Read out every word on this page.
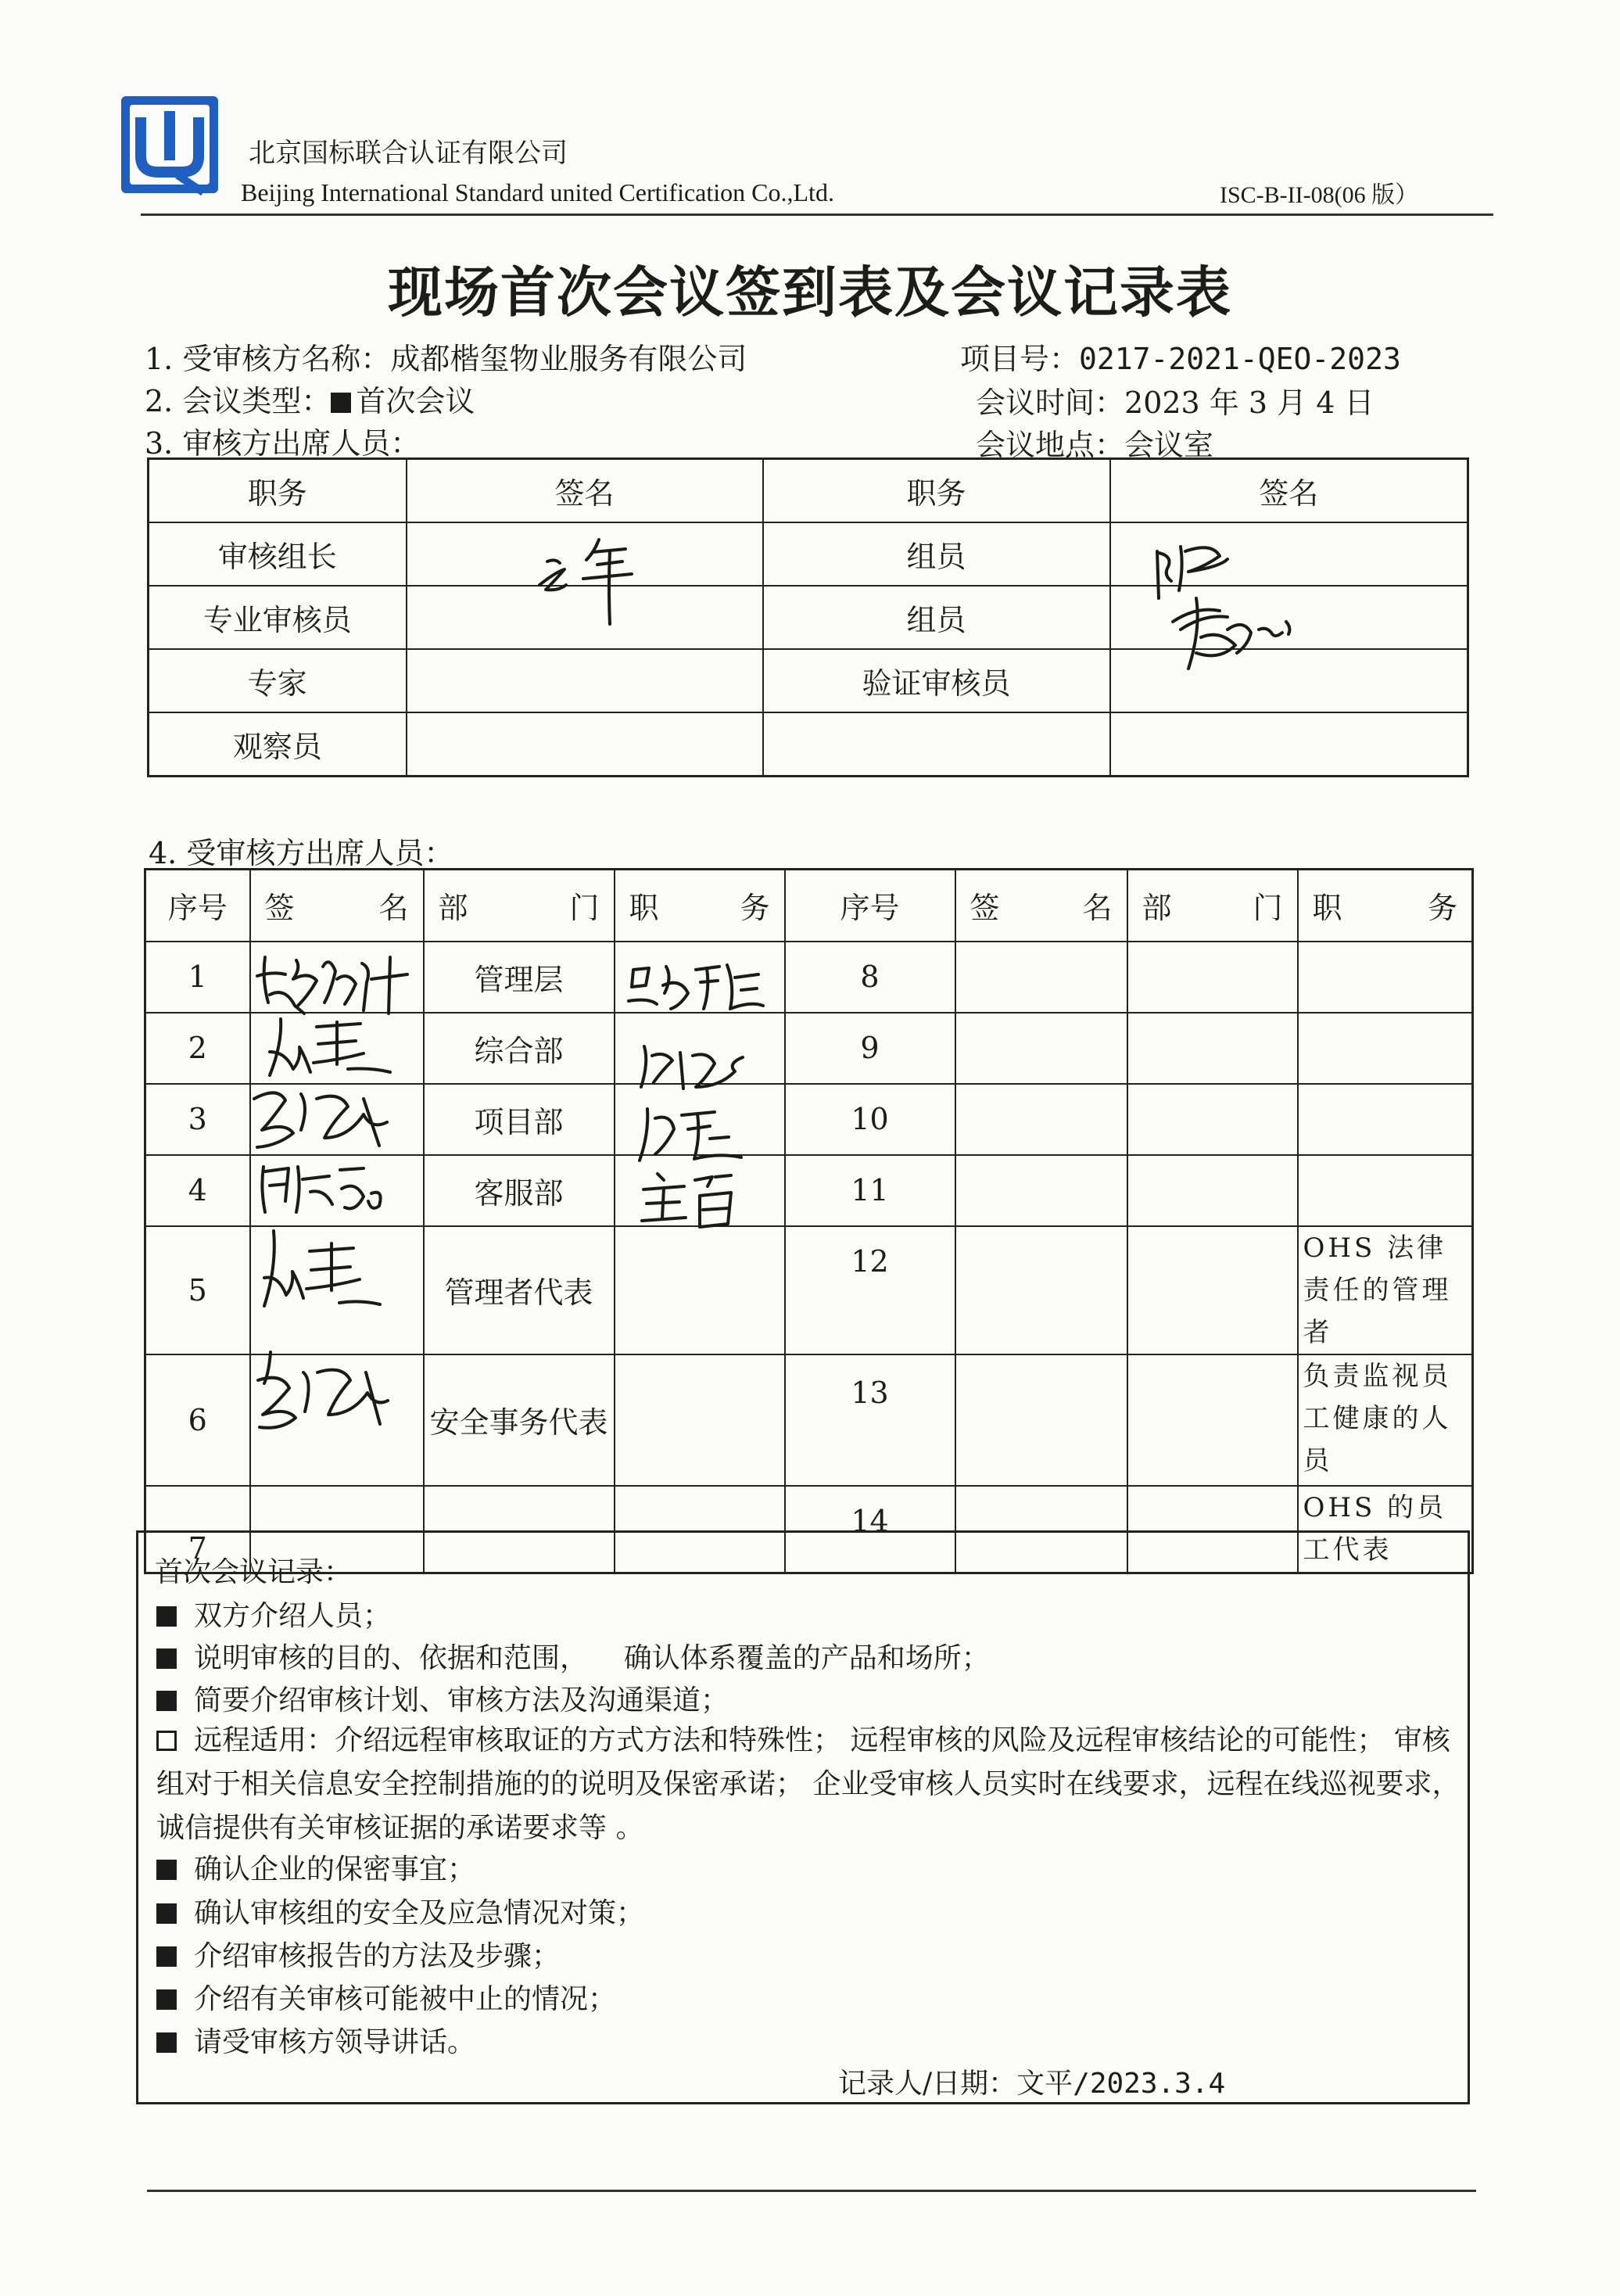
北京国标联合认证有限公司
Beijing International Standard united Certification Co.,Ltd.	ISC-B-II-08(06 版）
现场首次会议签到表及会议记录表
1. 受审核方名称：成都楷玺物业服务有限公司
2. 会议类型： 首次会议
3. 审核方出席人员：
项目号：0217-2021-QEO-2023
会议时间：2023 年 3 月 4 日
会议地点：会议室
职务	签名	职务	签名
审核组长		组员	
专业审核员		组员	
专家		验证审核员	
观察员			
4. 受审核方出席人员：
序号	签名	部门	职务	序号	签名	部门	职务
1		管理层		8			
2		综合部		9			
3		项目部		10			
4		客服部		11			
5		管理者代表		12			OHS 法律责任的管理者
6		安全事务代表		13			负责监视员工健康的人员
7				14			OHS 的员工代表
首次会议记录：
双方介绍人员；
说明审核的目的、依据和范围，    确认体系覆盖的产品和场所；
简要介绍审核计划、审核方法及沟通渠道；
远程适用：介绍远程审核取证的方式方法和特殊性； 远程审核的风险及远程审核结论的可能性； 审核组对于相关信息安全控制措施的的说明及保密承诺； 企业受审核人员实时在线要求，远程在线巡视要求，诚信提供有关审核证据的承诺要求等 。
确认企业的保密事宜；
确认审核组的安全及应急情况对策；
介绍审核报告的方法及步骤；
介绍有关审核可能被中止的情况；
请受审核方领导讲话。
记录人/日期：文平/2023.3.4
